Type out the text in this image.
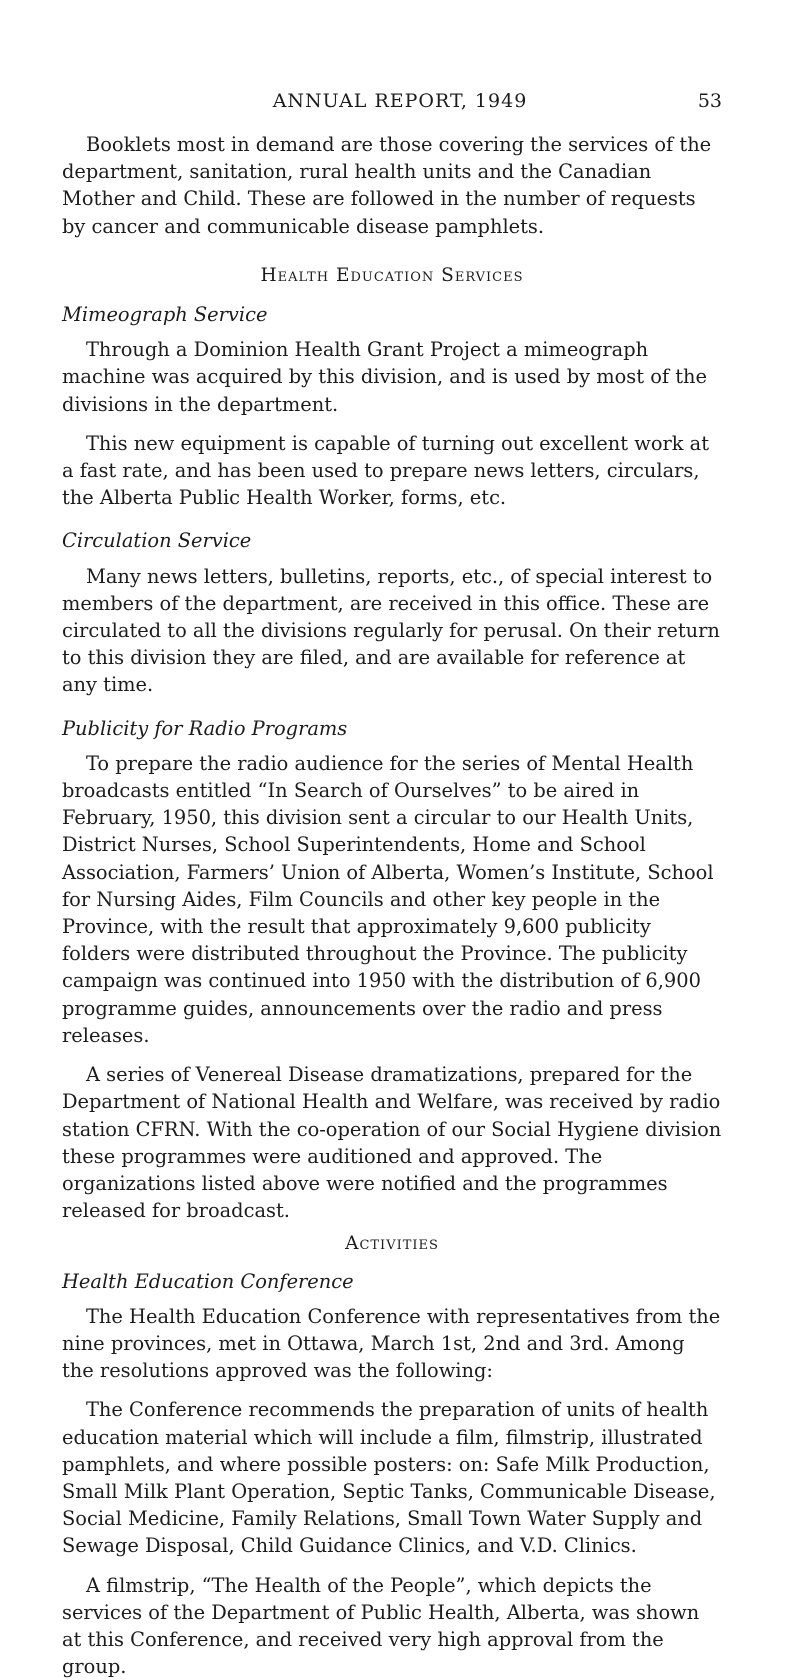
ANNUAL REPORT, 1949	53

Booklets most in demand are those covering the services of the department, sanitation, rural health units and the Canadian Mother and Child. These are followed in the number of requests by cancer and communicable disease pamphlets.

Health Education Services
Mimeograph Service

Through a Dominion Health Grant Project a mimeograph machine was acquired by this division, and is used by most of the divisions in the department.

This new equipment is capable of turning out excellent work at a fast rate, and has been used to prepare news letters, circulars, the Alberta Public Health Worker, forms, etc.

Circulation Service

Many news letters, bulletins, reports, etc., of special interest to members of the department, are received in this office. These are circulated to all the divisions regularly for perusal. On their return to this division they are filed, and are available for reference at any time.

Publicity for Radio Programs

To prepare the radio audience for the series of Mental Health broadcasts entitled “In Search of Ourselves” to be aired in February, 1950, this division sent a circular to our Health Units, District Nurses, School Superintendents, Home and School Association, Farmers’ Union of Alberta, Women’s Institute, School for Nursing Aides, Film Councils and other key people in the Province, with the result that approximately 9,600 publicity folders were distributed throughout the Province. The publicity campaign was continued into 1950 with the distribution of 6,900 programme guides, announcements over the radio and press releases.

A series of Venereal Disease dramatizations, prepared for the Department of National Health and Welfare, was received by radio station CFRN. With the co-operation of our Social Hygiene division these programmes were auditioned and approved. The organizations listed above were notified and the programmes released for broadcast.

Activities
Health Education Conference

The Health Education Conference with representatives from the nine provinces, met in Ottawa, March 1st, 2nd and 3rd. Among the resolutions approved was the following:

The Conference recommends the preparation of units of health education material which will include a film, filmstrip, illustrated pamphlets, and where possible posters: on: Safe Milk Production, Small Milk Plant Operation, Septic Tanks, Communicable Disease, Social Medicine, Family Relations, Small Town Water Supply and Sewage Disposal, Child Guidance Clinics, and V.D. Clinics.

A filmstrip, “The Health of the People”, which depicts the services of the Department of Public Health, Alberta, was shown at this Conference, and received very high approval from the group.
